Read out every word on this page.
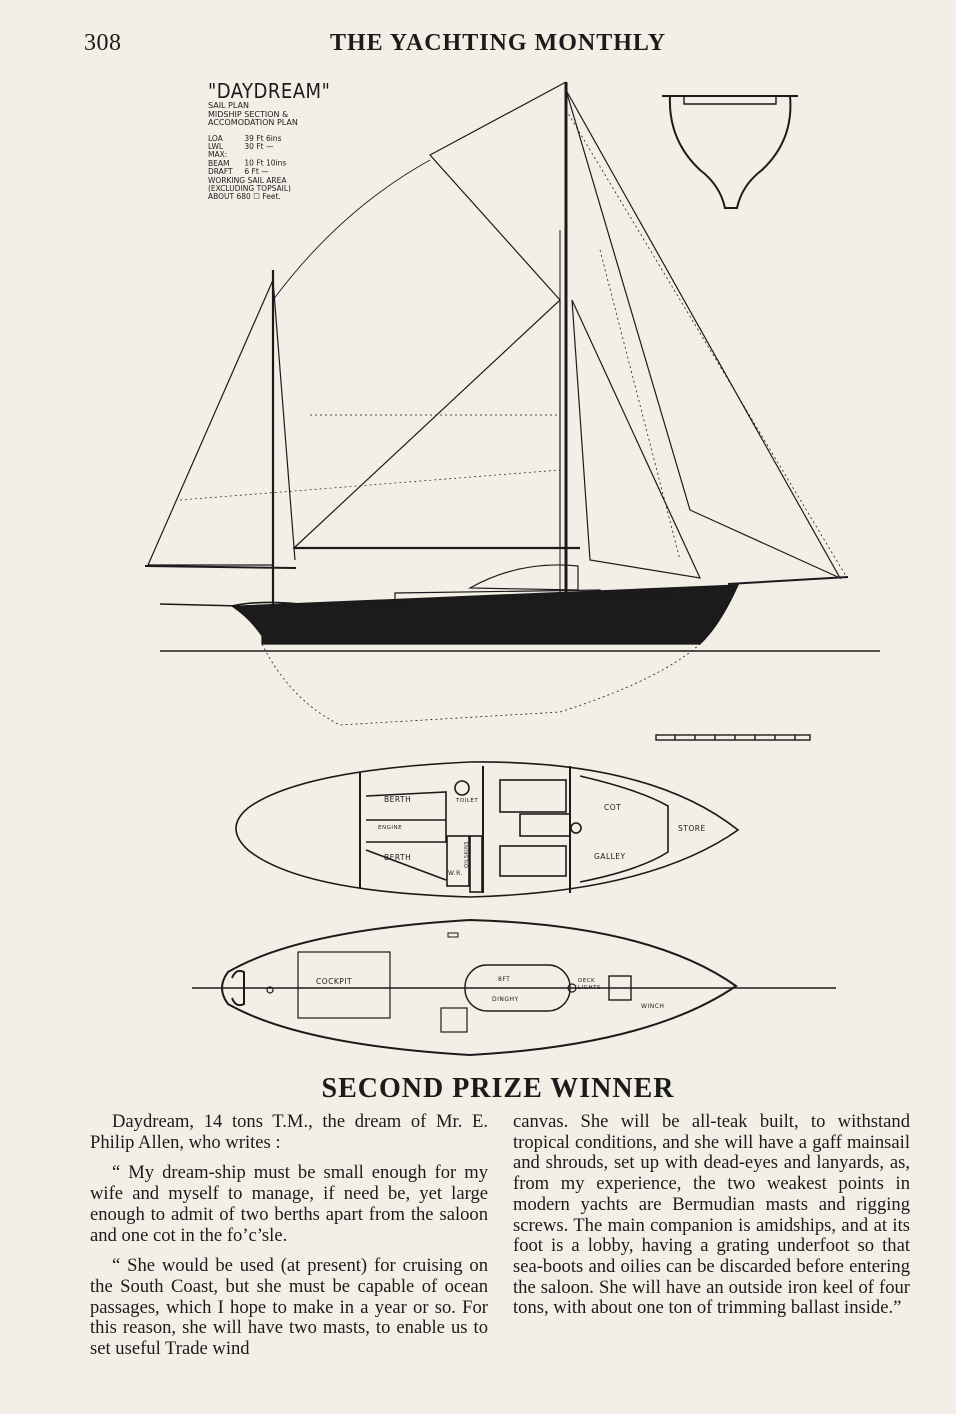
308	THE YACHTING MONTHLY
"DAYDREAM"
SAIL PLAN
MIDSHIP SECTION &
ACCOMODATION PLAN
LOA	39 Ft 6ins
LWL	30 Ft —
MAX: BEAM 10 Ft 10ins
DRAFT 6 Ft —
WORKING SAIL AREA
(EXCLUDING TOPSAIL)
ABOUT 680 ☐ Feet.
BERTH	TOILET
ENGINE
BERTH
W.R.
OILSKINS
COT
STORE
GALLEY
COCKPIT	8FT
DINGHY
DECK LIGHTS
WINCH
SECOND PRIZE WINNER

Daydream, 14 tons T.M., the dream of Mr. E. Philip Allen, who writes :

“ My dream-ship must be small enough for my wife and myself to manage, if need be, yet large enough to admit of two berths apart from the saloon and one cot in the fo’c’sle.

“ She would be used (at present) for cruising on the South Coast, but she must be capable of ocean passages, which I hope to make in a year or so. For this reason, she will have two masts, to enable us to set useful Trade wind

canvas. She will be all-teak built, to withstand tropical conditions, and she will have a gaff mainsail and shrouds, set up with dead-eyes and lanyards, as, from my experience, the two weakest points in modern yachts are Bermudian masts and rigging screws. The main companion is amidships, and at its foot is a lobby, having a grating underfoot so that sea-boots and oilies can be discarded before entering the saloon. She will have an outside iron keel of four tons, with about one ton of trimming ballast inside.”
